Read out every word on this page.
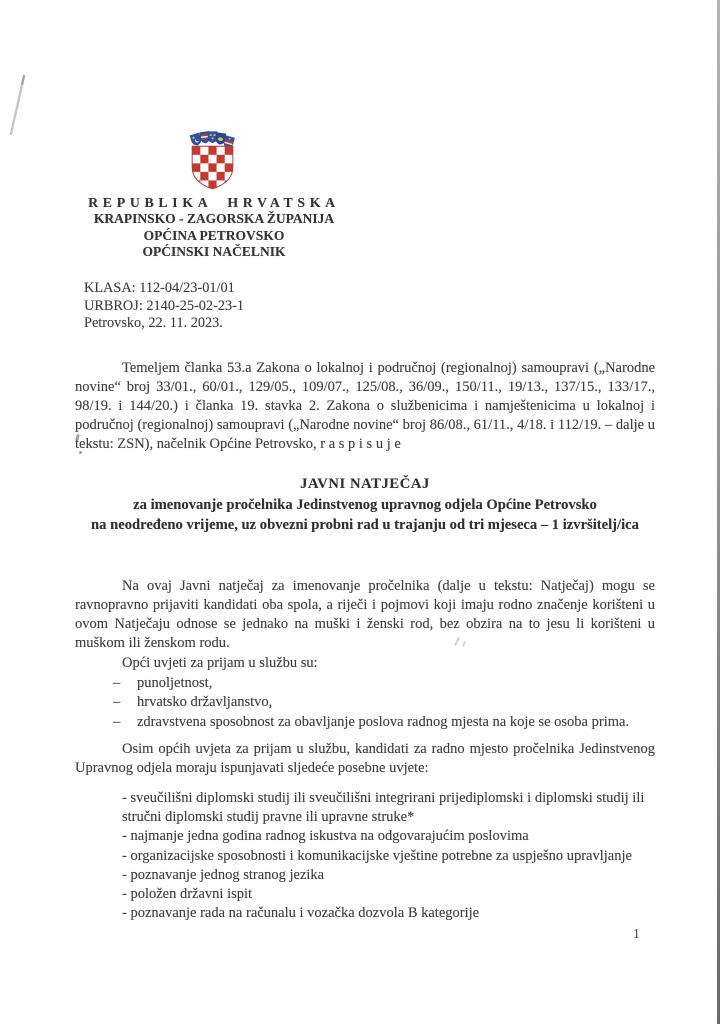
REPUBLIKA HRVATSKA
KRAPINSKO - ZAGORSKA ŽUPANIJA
OPĆINA PETROVSKO
OPĆINSKI NAČELNIK
KLASA: 112-04/23-01/01
URBROJ: 2140-25-02-23-1
Petrovsko, 22. 11. 2023.
Temeljem članka 53.a Zakona o lokalnoj i područnoj (regionalnoj) samoupravi („Narodne novine“ broj 33/01., 60/01., 129/05., 109/07., 125/08., 36/09., 150/11., 19/13., 137/15., 133/17., 98/19. i 144/20.) i članka 19. stavka 2. Zakona o službenicima i namještenicima u lokalnoj i područnoj (regionalnoj) samoupravi („Narodne novine“ broj 86/08., 61/11., 4/18. i 112/19. – dalje u tekstu: ZSN), načelnik Općine Petrovsko, r a s p i s u j e
JAVNI NATJEČAJ
za imenovanje pročelnika Jedinstvenog upravnog odjela Općine Petrovsko
na neodređeno vrijeme, uz obvezni probni rad u trajanju od tri mjeseca – 1 izvršitelj/ica
Na ovaj Javni natječaj za imenovanje pročelnika (dalje u tekstu: Natječaj) mogu se ravnopravno prijaviti kandidati oba spola, a riječi i pojmovi koji imaju rodno značenje korišteni u ovom Natječaju odnose se jednako na muški i ženski rod, bez obzira na to jesu li korišteni u muškom ili ženskom rodu.
Opći uvjeti za prijam u službu su:
–	punoljetnost,
–	hrvatsko državljanstvo,
–	zdravstvena sposobnost za obavljanje poslova radnog mjesta na koje se osoba prima.
Osim općih uvjeta za prijam u službu, kandidati za radno mjesto pročelnika Jedinstvenog Upravnog odjela moraju ispunjavati sljedeće posebne uvjete:
- sveučilišni diplomski studij ili sveučilišni integrirani prijediplomski i diplomski studij ili
stručni diplomski studij pravne ili upravne struke*
- najmanje jedna godina radnog iskustva na odgovarajućim poslovima
- organizacijske sposobnosti i komunikacijske vještine potrebne za uspješno upravljanje
- poznavanje jednog stranog jezika
- položen državni ispit
- poznavanje rada na računalu i vozačka dozvola B kategorije
1
